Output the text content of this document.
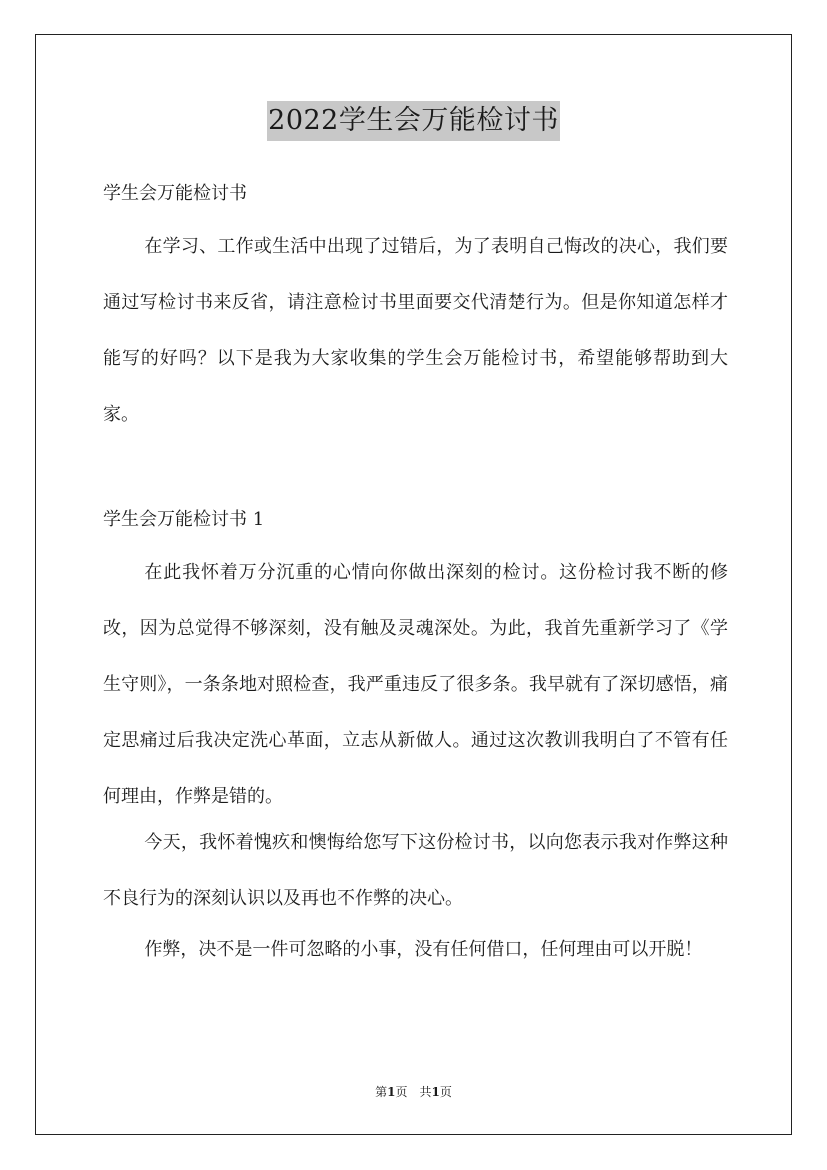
2022学生会万能检讨书
学生会万能检讨书

在学习、工作或生活中出现了过错后，为了表明自己悔改的决心，我们要通过写检讨书来反省，请注意检讨书里面要交代清楚行为。但是你知道怎样才能写的好吗？以下是我为大家收集的学生会万能检讨书，希望能够帮助到大家。

学生会万能检讨书 1

在此我怀着万分沉重的心情向你做出深刻的检讨。这份检讨我不断的修改，因为总觉得不够深刻，没有触及灵魂深处。为此，我首先重新学习了《学生守则》，一条条地对照检查，我严重违反了很多条。我早就有了深切感悟，痛定思痛过后我决定洗心革面，立志从新做人。通过这次教训我明白了不管有任何理由，作弊是错的。

今天，我怀着愧疚和懊悔给您写下这份检讨书，以向您表示我对作弊这种不良行为的深刻认识以及再也不作弊的决心。

作弊，决不是一件可忽略的小事，没有任何借口，任何理由可以开脱！

第1页　共1页
